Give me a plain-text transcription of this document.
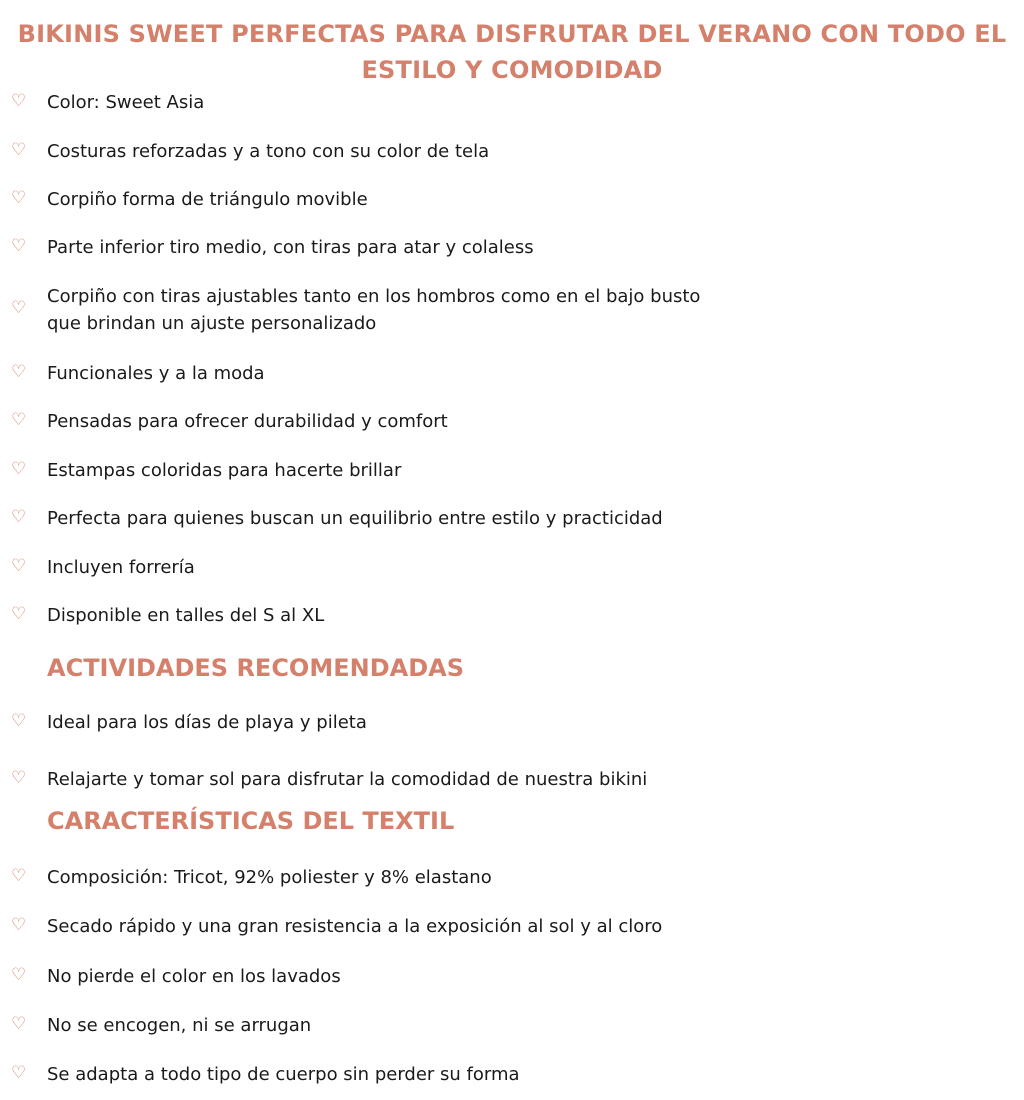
BIKINIS SWEET PERFECTAS PARA DISFRUTAR DEL VERANO CON TODO EL ESTILO Y COMODIDAD
♡ Color: Sweet Asia
♡ Costuras reforzadas y a tono con su color de tela
♡ Corpiño forma de triángulo movible
♡ Parte inferior tiro medio, con tiras para atar y colaless
♡
Corpiño con tiras ajustables tanto en los hombros como en el bajo busto
que brindan un ajuste personalizado
♡ Funcionales y a la moda
♡ Pensadas para ofrecer durabilidad y comfort
♡ Estampas coloridas para hacerte brillar
♡ Perfecta para quienes buscan un equilibrio entre estilo y practicidad
♡ Incluyen forrería
♡ Disponible en talles del S al XL
ACTIVIDADES RECOMENDADAS
♡ Ideal para los días de playa y pileta
♡ Relajarte y tomar sol para disfrutar la comodidad de nuestra bikini
CARACTERÍSTICAS DEL TEXTIL
♡ Composición: Tricot, 92% poliester y 8% elastano
♡ Secado rápido y una gran resistencia a la exposición al sol y al cloro
♡ No pierde el color en los lavados
♡ No se encogen, ni se arrugan
♡ Se adapta a todo tipo de cuerpo sin perder su forma
